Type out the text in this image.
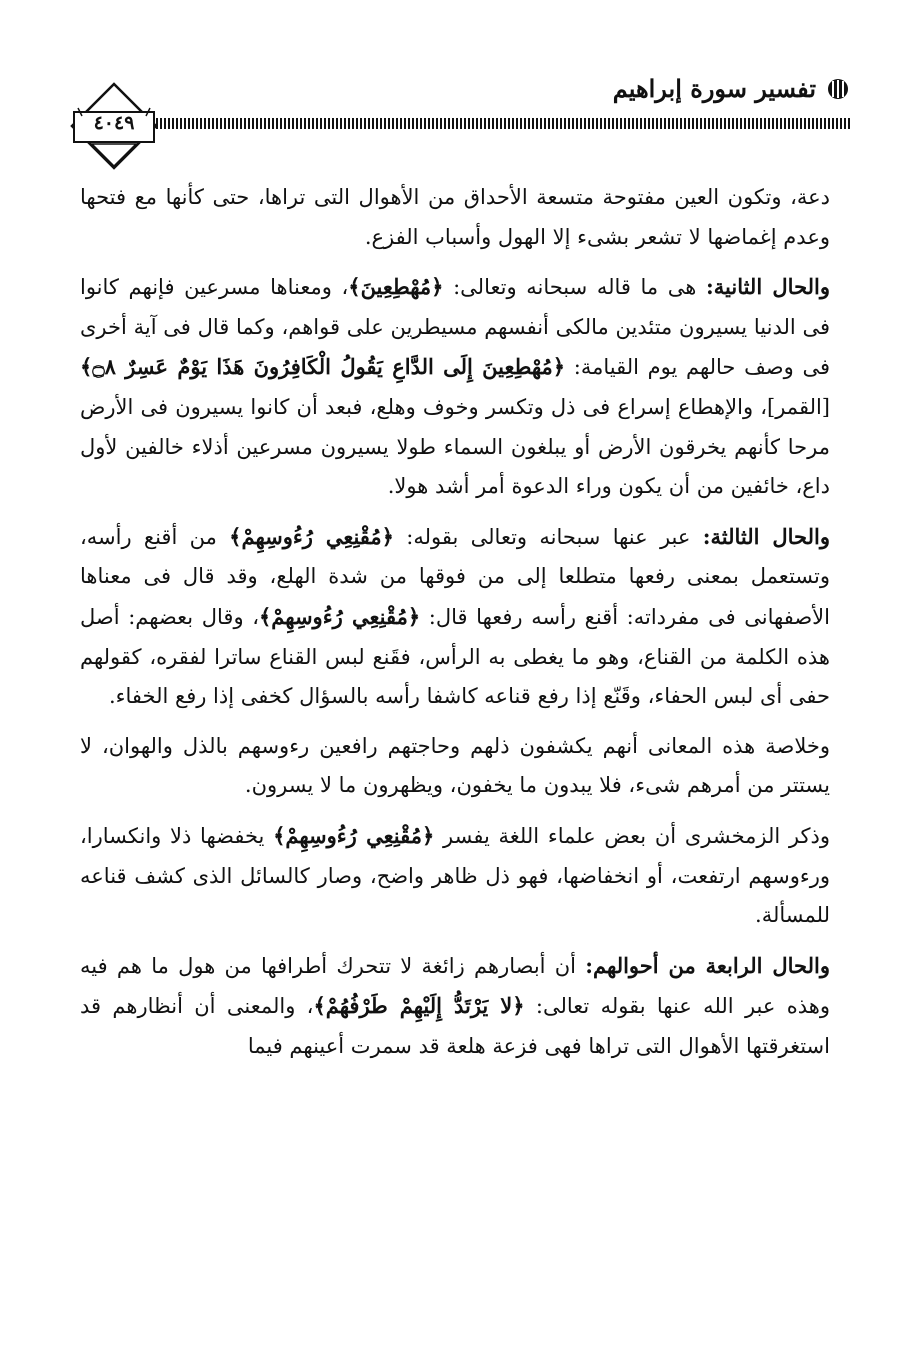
تفسير سورة إبراهيم
٤٠٤٩

دعة، وتكون العين مفتوحة متسعة الأحداق من الأهوال التى تراها، حتى كأنها مع فتحها وعدم إغماضها لا تشعر بشىء إلا الهول وأسباب الفزع.

والحال الثانية: هى ما قاله سبحانه وتعالى: ﴿مُهْطِعِينَ﴾، ومعناها مسرعين فإنهم كانوا فى الدنيا يسيرون متئدين مالكى أنفسهم مسيطرين على قواهم، وكما قال فى آية أخرى فى وصف حالهم يوم القيامة: ﴿مُهْطِعِينَ إِلَى الدَّاعِ يَقُولُ الْكَافِرُونَ هَذَا يَوْمٌ عَسِرٌ ۝٨﴾ [القمر]، والإهطاع إسراع فى ذل وتكسر وخوف وهلع، فبعد أن كانوا يسيرون فى الأرض مرحا كأنهم يخرقون الأرض أو يبلغون السماء طولا يسيرون مسرعين أذلاء خالفين لأول داع، خائفين من أن يكون وراء الدعوة أمر أشد هولا.

والحال الثالثة: عبر عنها سبحانه وتعالى بقوله: ﴿مُقْنِعِي رُءُوسِهِمْ﴾ من أقنع رأسه، وتستعمل بمعنى رفعها متطلعا إلى من فوقها من شدة الهلع، وقد قال فى معناها الأصفهانى فى مفرداته: أقنع رأسه رفعها قال: ﴿مُقْنِعِي رُءُوسِهِمْ﴾، وقال بعضهم: أصل هذه الكلمة من القناع، وهو ما يغطى به الرأس، فقَنع لبس القناع ساترا لفقره، كقولهم حفى أى لبس الحفاء، وقَنّع إذا رفع قناعه كاشفا رأسه بالسؤال كخفى إذا رفع الخفاء.

وخلاصة هذه المعانى أنهم يكشفون ذلهم وحاجتهم رافعين رءوسهم بالذل والهوان، لا يستتر من أمرهم شىء، فلا يبدون ما يخفون، ويظهرون ما لا يسرون.

وذكر الزمخشرى أن بعض علماء اللغة يفسر ﴿مُقْنِعِي رُءُوسِهِمْ﴾ يخفضها ذلا وانكسارا، ورءوسهم ارتفعت، أو انخفاضها، فهو ذل ظاهر واضح، وصار كالسائل الذى كشف قناعه للمسألة.

والحال الرابعة من أحوالهم: أن أبصارهم زائغة لا تتحرك أطرافها من هول ما هم فيه وهذه عبر الله عنها بقوله تعالى: ﴿لا يَرْتَدُّ إِلَيْهِمْ طَرْفُهُمْ﴾، والمعنى أن أنظارهم قد استغرقتها الأهوال التى تراها فهى فزعة هلعة قد سمرت أعينهم فيما
